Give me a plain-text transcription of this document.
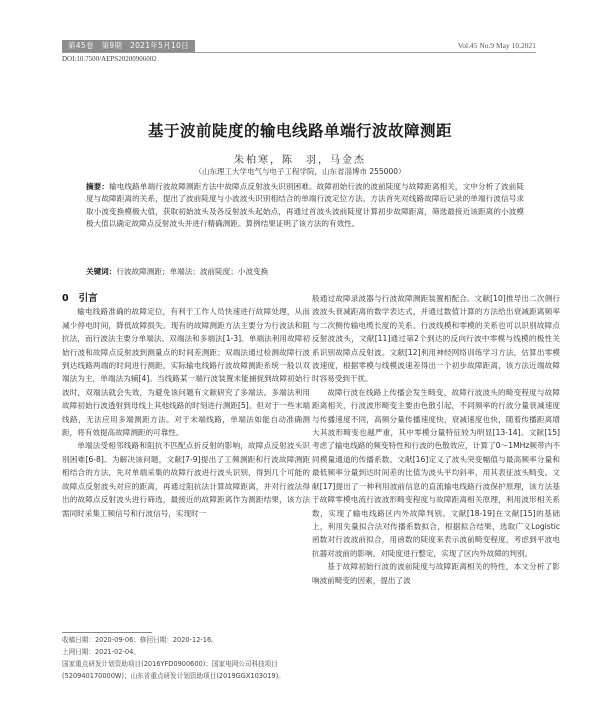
第45卷　第9期　2021年5月10日	Vol.45 No.9 May 10,2021
DOI:10.7500/AEPS20200906002
基于波前陡度的输电线路单端行波故障测距
朱柏寒，陈　羽，马金杰
（山东理工大学电气与电子工程学院，山东省淄博市 255000）
摘要：输电线路单端行波故障测距方法中故障点反射波头识别困难。故障初始行波的波前陡度与故障距离相关，文中分析了波前陡度与故障距离的关系，提出了波前陡度与小波波头识别相结合的单端行波定位方法。方法首先对线路故障后记录的单端行波信号求取小波变换模极大值，获取初始波头及各反射波头起始点，再通过首波头波前陡度计算初步故障距离，筛选最接近该距离的小波模极大值以确定故障点反射波头并进行精确测距。算例结果证明了该方法的有效性。
关键词：行波故障测距；单端法；波前陡度；小波变换

0 引言

输电线路准确的故障定位，有利于工作人员快速进行故障处理，从而减少停电时间，降低故障损失。现有的故障测距方法主要分为行波法和阻抗法，而行波法主要分单端法、双端法和多端法[1-3]。单端法利用故障初始行波和故障点反射波到测量点的时间差测距；双端法通过检测故障行波到达线路两端的时间进行测距，实际输电线路行波故障测距系统一般以双端法为主，单端法为辅[4]。当线路某一端行波装置未能捕捉到故障初始行波时，双端法就会失效，为避免该问题有文献研究了多端法。多端法利用故障初始行波透射到母线上其他线路的时刻进行测距[5]。但对于一些末端线路，无法应用多端测距方法。对于末端线路，单端法如能自动准确测距，将有效提高故障测距的可靠性。

单端法受相邻线路和阻抗不匹配点折反射的影响，故障点反射波头识别困难[6-8]。为解决该问题，文献[7-9]提出了工频测距和行波故障测距相结合的方法，先对单端采集的故障行波进行波头识别，得到几个可能的故障点反射波头对应的距离，再通过阻抗法计算故障距离，并对行波法得出的故障点反射波头进行筛选，最接近的故障距离作为测距结果，该方法需同时采集工频信号和行波信号，实现时一

般通过故障录波器与行波故障测距装置相配合。文献[10]推导出二次侧行波波头衰减距离的数学表达式，并通过数值计算的方法给出衰减距离频率与二次侧传输电缆长度的关系。行波线模和零模的关系也可以识别故障点反射波波头，文献[11]通过第2个到达的反向行波中零模与线模的极性关系识别故障点反射波。文献[12]利用神经网络训练学习方法，估算出零模波速度，根据零模与线模波速差得出一个初步故障距离，该方法近端故障时容易受到干扰。

故障行波在线路上传播会发生畸变，故障行波波头的畸变程度与故障距离相关，行波波形畸变主要由色散引起，不同频率的行波分量衰减速度与传播速度不同，高频分量传播速度快，衰减速度也快，随着传播距离增大其波形畸变也越严重，其中零模分量特征较为明显[13-14]。文献[15]考虑了输电线路的频变特性和行波的色散效应，计算了0～1MHz频带内不同模量通道的传播系数。文献[16]定义了波头突变幅值与最高频率分量和最低频率分量到达时间差的比值为波头平均斜率，用其表征波头畸变。文献[17]提出了一种利用波前信息的直流输电线路行波保护原理，该方法基于故障零模电流行波波形畸变程度与故障距离相关原理，利用波形相关系数，实现了输电线路区内外故障判别。文献[18-19]在文献[15]的基础上，利用失量拟合法对传播系数拟合，根据拟合结果，选取广义Logistic函数对行波波前拟合，用函数的陡度来表示波前畸变程度，考虑到平波电抗器对波前的影响，对陡度进行整定，实现了区内外故障的判别。

基于故障初始行波的波前陡度与故障距离相关的特性，本文分析了影响波前畸变的因素，提出了波

收稿日期：2020-09-06；修回日期：2020-12-16。
上网日期：2021-02-04。
国家重点研发计划资助项目(2016YFD0900600)；国家电网公司科技项目(520940170000W)；山东省重点研发计划资助项目(2019GGX103019)。
